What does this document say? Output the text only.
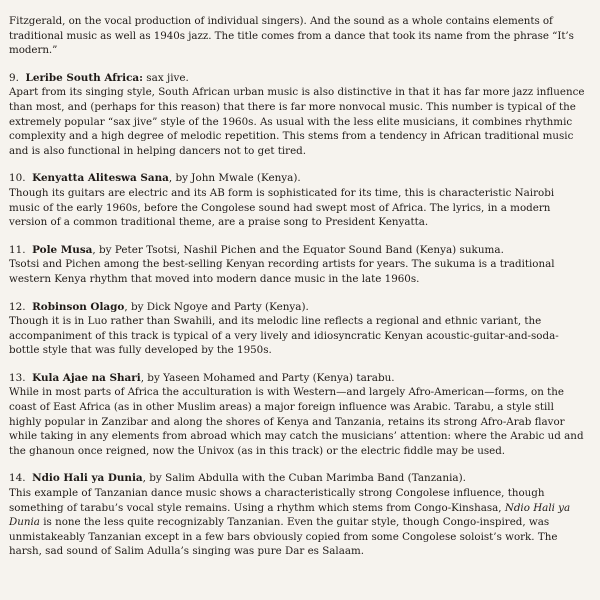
Fitzgerald, on the vocal production of individual singers). And the sound as a whole contains elements of traditional music as well as 1940s jazz. The title comes from a dance that took its name from the phrase “It’s modern.”

9. Leribe South Africa: sax jive.

Apart from its singing style, South African urban music is also distinctive in that it has far more jazz influence than most, and (perhaps for this reason) that there is far more nonvocal music. This number is typical of the extremely popular “sax jive” style of the 1960s. As usual with the less elite musicians, it combines rhythmic complexity and a high degree of melodic repetition. This stems from a tendency in African traditional music and is also functional in helping dancers not to get tired.

10. Kenyatta Aliteswa Sana, by John Mwale (Kenya).

Though its guitars are electric and its AB form is sophisticated for its time, this is characteristic Nairobi music of the early 1960s, before the Congolese sound had swept most of Africa. The lyrics, in a modern version of a common traditional theme, are a praise song to President Kenyatta.

11. Pole Musa, by Peter Tsotsi, Nashil Pichen and the Equator Sound Band (Kenya) sukuma.

Tsotsi and Pichen among the best-selling Kenyan recording artists for years. The sukuma is a traditional western Kenya rhythm that moved into modern dance music in the late 1960s.

12. Robinson Olago, by Dick Ngoye and Party (Kenya).

Though it is in Luo rather than Swahili, and its melodic line reflects a regional and ethnic variant, the accompaniment of this track is typical of a very lively and idiosyncratic Kenyan acoustic-guitar-and-soda-bottle style that was fully developed by the 1950s.

13. Kula Ajae na Shari, by Yaseen Mohamed and Party (Kenya) tarabu.

While in most parts of Africa the acculturation is with Western—and largely Afro-American—forms, on the coast of East Africa (as in other Muslim areas) a major foreign influence was Arabic. Tarabu, a style still highly popular in Zanzibar and along the shores of Kenya and Tanzania, retains its strong Afro-Arab flavor while taking in any elements from abroad which may catch the musicians’ attention: where the Arabic ud and the ghanoun once reigned, now the Univox (as in this track) or the electric fiddle may be used.

14. Ndio Hali ya Dunia, by Salim Abdulla with the Cuban Marimba Band (Tanzania).

This example of Tanzanian dance music shows a characteristically strong Congolese influence, though something of tarabu’s vocal style remains. Using a rhythm which stems from Congo-Kinshasa, Ndio Hali ya Dunia is none the less quite recognizably Tanzanian. Even the guitar style, though Congo-inspired, was unmistakeably Tanzanian except in a few bars obviously copied from some Congolese soloist’s work. The harsh, sad sound of Salim Adulla’s singing was pure Dar es Salaam.
